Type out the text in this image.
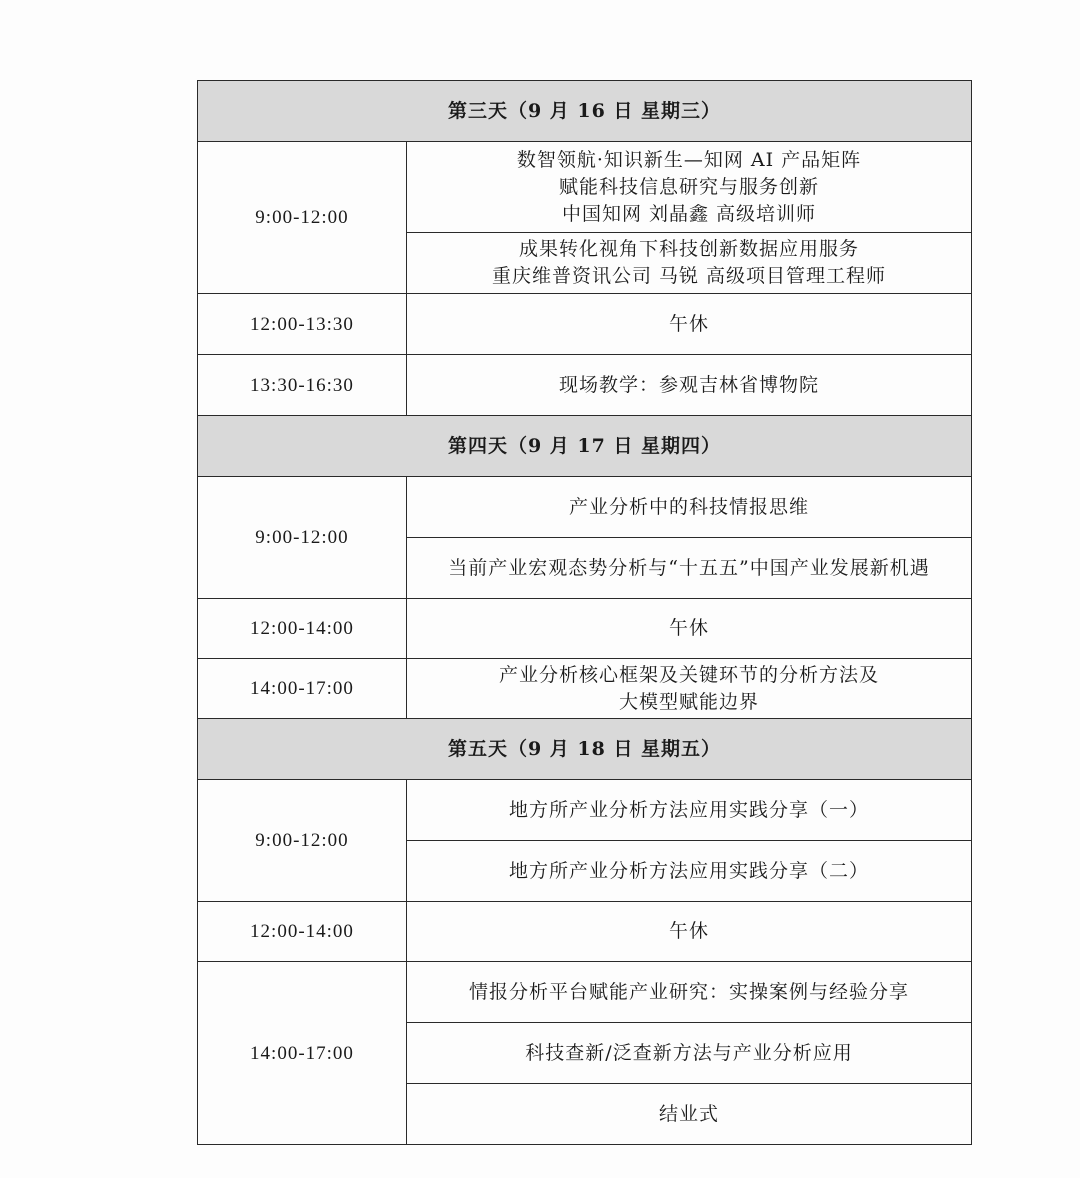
第三天（9 月 16 日 星期三）	
9:00-12:00	数智领航·知识新生—知网 AI 产品矩阵
赋能科技信息研究与服务创新
中国知网 刘晶鑫 高级培训师

	成果转化视角下科技创新数据应用服务
重庆维普资讯公司 马锐 高级项目管理工程师

12:00-13:30	午休
13:30-16:30	现场教学：参观吉林省博物院
第四天（9 月 17 日 星期四）	
9:00-12:00	产业分析中的科技情报思维
	当前产业宏观态势分析与“十五五”中国产业发展新机遇
12:00-14:00	午休
14:00-17:00	产业分析核心框架及关键环节的分析方法及
大模型赋能边界

第五天（9 月 18 日 星期五）	
9:00-12:00	地方所产业分析方法应用实践分享（一）
	地方所产业分析方法应用实践分享（二）
12:00-14:00	午休
14:00-17:00	情报分析平台赋能产业研究：实操案例与经验分享
	科技查新/泛查新方法与产业分析应用
	结业式
